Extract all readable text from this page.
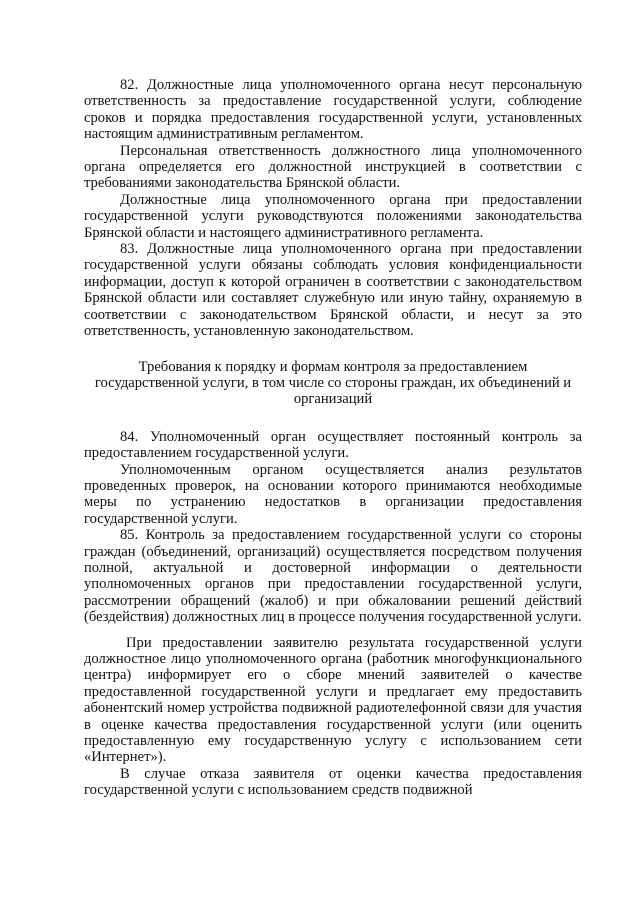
82. Должностные лица уполномоченного органа несут персональную ответственность за предоставление государственной услуги, соблюдение сроков и порядка предоставления государственной услуги, установленных настоящим административным регламентом.

Персональная ответственность должностного лица уполномоченного органа определяется его должностной инструкцией в соответствии с требованиями законодательства Брянской области.

Должностные лица уполномоченного органа при предоставлении государственной услуги руководствуются положениями законодательства Брянской области и настоящего административного регламента.

83. Должностные лица уполномоченного органа при предоставлении государственной услуги обязаны соблюдать условия конфиденциальности информации, доступ к которой ограничен в соответствии с законодательством Брянской области или составляет служебную или иную тайну, охраняемую в соответствии с законодательством Брянской области, и несут за это ответственность, установленную законодательством.

Требования к порядку и формам контроля за предоставлением
государственной услуги, в том числе со стороны граждан, их объединений и
организаций

84. Уполномоченный орган осуществляет постоянный контроль за предоставлением государственной услуги.

Уполномоченным органом осуществляется анализ результатов проведенных проверок, на основании которого принимаются необходимые меры по устранению недостатков в организации предоставления государственной услуги.

85. Контроль за предоставлением государственной услуги со стороны граждан (объединений, организаций) осуществляется посредством получения полной, актуальной и достоверной информации о деятельности уполномоченных органов при предоставлении государственной услуги, рассмотрении обращений (жалоб) и при обжаловании решений действий (бездействия) должностных лиц в процессе получения государственной услуги.

При предоставлении заявителю результата государственной услуги должностное лицо уполномоченного органа (работник многофункционального центра) информирует его о сборе мнений заявителей о качестве предоставленной государственной услуги и предлагает ему предоставить абонентский номер устройства подвижной радиотелефонной связи для участия в оценке качества предоставления государственной услуги (или оценить предоставленную ему государственную услугу с использованием сети «Интернет»).

В случае отказа заявителя от оценки качества предоставления государственной услуги с использованием средств подвижной
